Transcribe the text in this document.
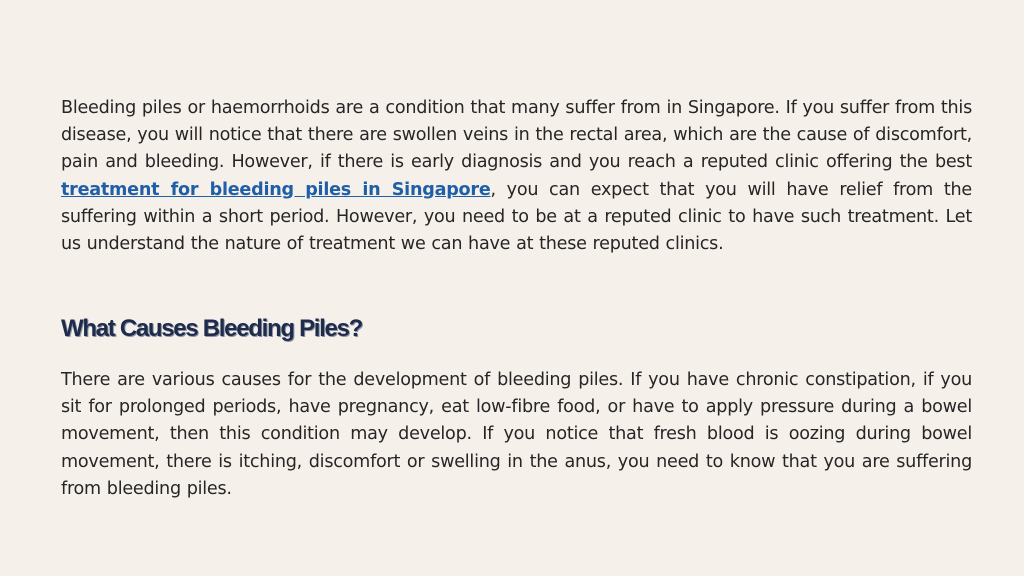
Bleeding piles or haemorrhoids are a condition that many suffer from in Singapore. If you suffer from this disease, you will notice that there are swollen veins in the rectal area, which are the cause of discomfort, pain and bleeding. However, if there is early diagnosis and you reach a reputed clinic offering the best treatment for bleeding piles in Singapore, you can expect that you will have relief from the suffering within a short period. However, you need to be at a reputed clinic to have such treatment. Let us understand the nature of treatment we can have at these reputed clinics.

What Causes Bleeding Piles?

There are various causes for the development of bleeding piles. If you have chronic constipation, if you sit for prolonged periods, have pregnancy, eat low-fibre food, or have to apply pressure during a bowel movement, then this condition may develop. If you notice that fresh blood is oozing during bowel movement, there is itching, discomfort or swelling in the anus, you need to know that you are suffering from bleeding piles.
